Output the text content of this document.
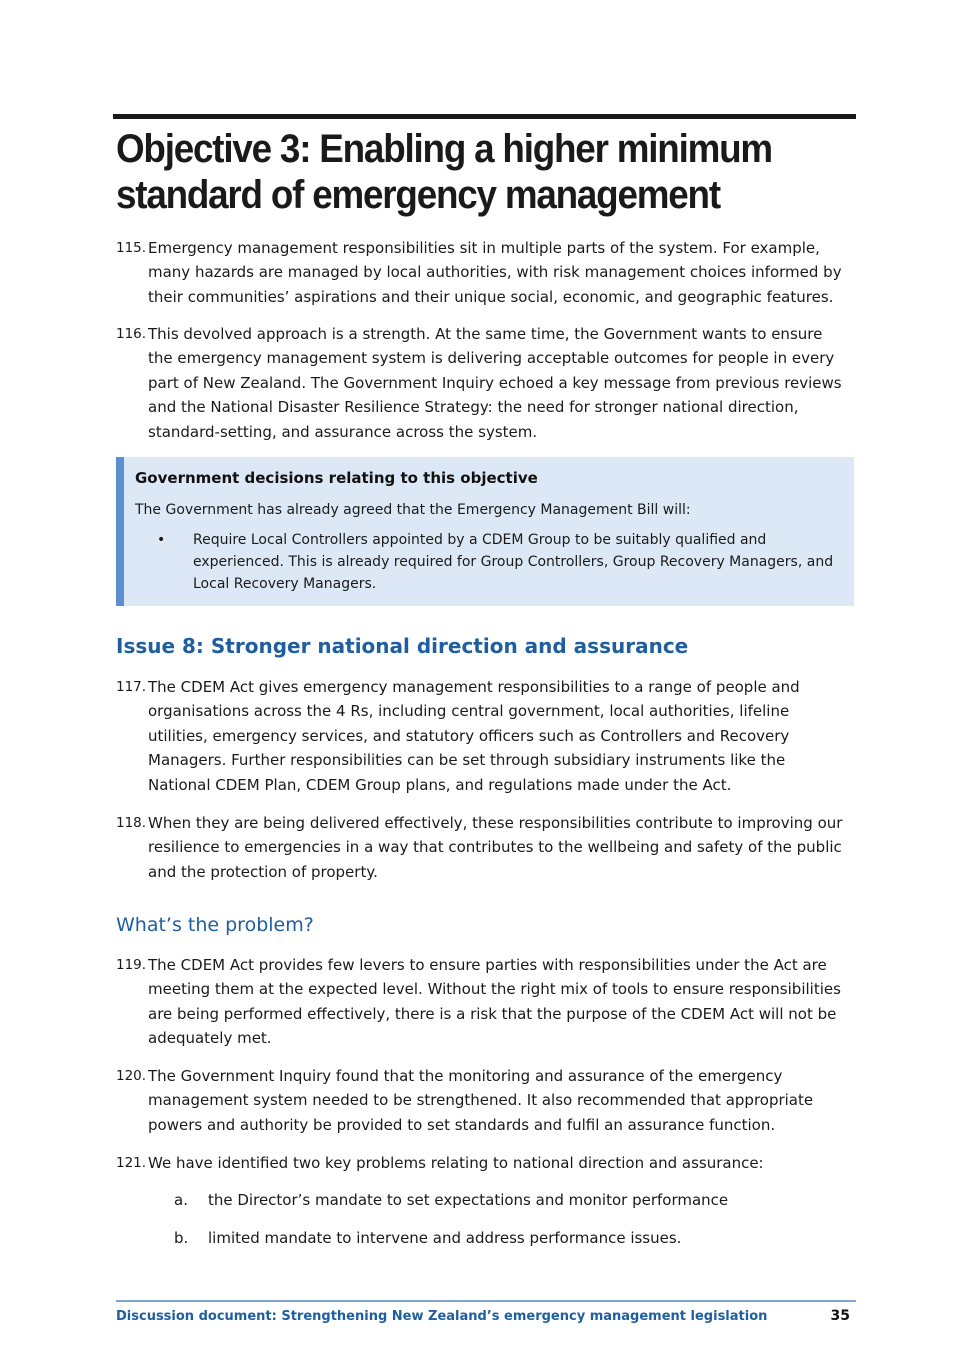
Objective 3: Enabling a higher minimum standard of emergency management
115. Emergency management responsibilities sit in multiple parts of the system. For example, many hazards are managed by local authorities, with risk management choices informed by their communities’ aspirations and their unique social, economic, and geographic features.
116. This devolved approach is a strength. At the same time, the Government wants to ensure the emergency management system is delivering acceptable outcomes for people in every part of New Zealand. The Government Inquiry echoed a key message from previous reviews and the National Disaster Resilience Strategy: the need for stronger national direction, standard-setting, and assurance across the system.
Government decisions relating to this objective
The Government has already agreed that the Emergency Management Bill will:
• Require Local Controllers appointed by a CDEM Group to be suitably qualified and experienced. This is already required for Group Controllers, Group Recovery Managers, and Local Recovery Managers.
Issue 8: Stronger national direction and assurance
117. The CDEM Act gives emergency management responsibilities to a range of people and organisations across the 4 Rs, including central government, local authorities, lifeline utilities, emergency services, and statutory officers such as Controllers and Recovery Managers. Further responsibilities can be set through subsidiary instruments like the National CDEM Plan, CDEM Group plans, and regulations made under the Act.
118. When they are being delivered effectively, these responsibilities contribute to improving our resilience to emergencies in a way that contributes to the wellbeing and safety of the public and the protection of property.
What’s the problem?
119. The CDEM Act provides few levers to ensure parties with responsibilities under the Act are meeting them at the expected level. Without the right mix of tools to ensure responsibilities are being performed effectively, there is a risk that the purpose of the CDEM Act will not be adequately met.
120. The Government Inquiry found that the monitoring and assurance of the emergency management system needed to be strengthened. It also recommended that appropriate powers and authority be provided to set standards and fulfil an assurance function.
121. We have identified two key problems relating to national direction and assurance:
a. the Director’s mandate to set expectations and monitor performance
b. limited mandate to intervene and address performance issues.
Discussion document: Strengthening New Zealand’s emergency management legislation	35
